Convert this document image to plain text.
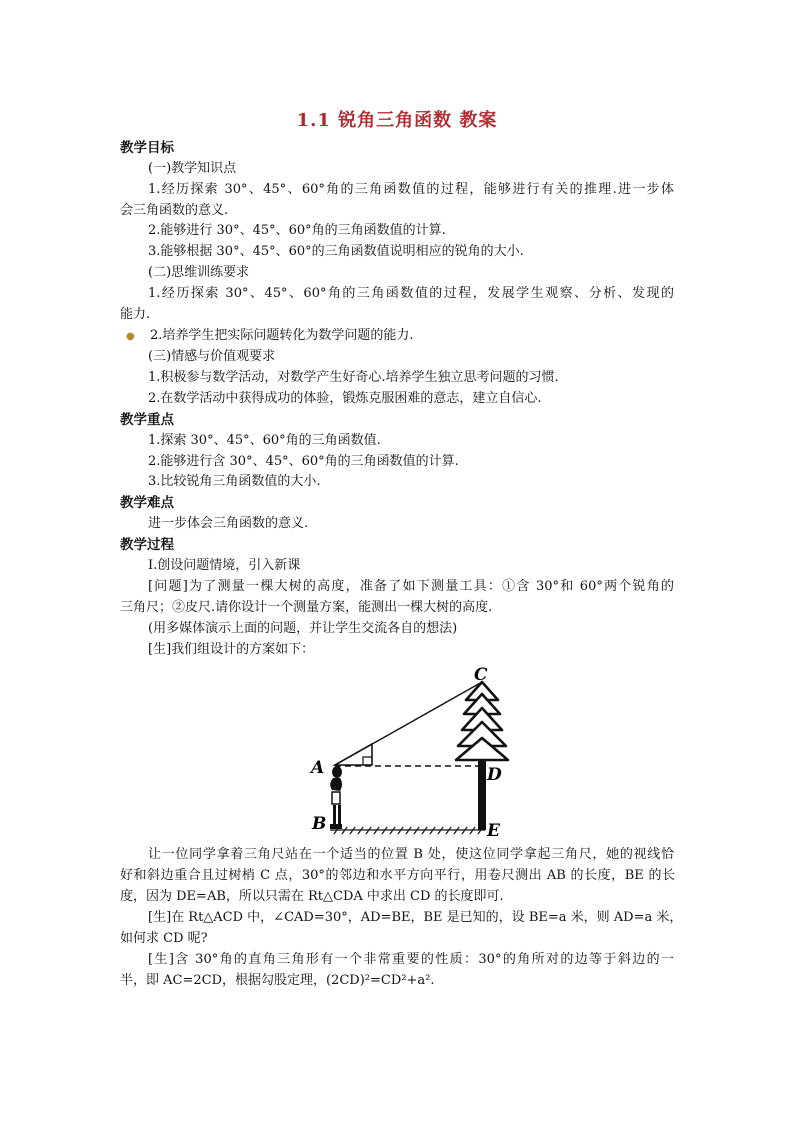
1.1 锐角三角函数 教案
教学目标
(一)教学知识点
1.经历探索 30°、45°、60°角的三角函数值的过程，能够进行有关的推理.进一步体
会三角函数的意义.
2.能够进行 30°、45°、60°角的三角函数值的计算.
3.能够根据 30°、45°、60°的三角函数值说明相应的锐角的大小.
(二)思维训练要求
1.经历探索 30°、45°、60°角的三角函数值的过程，发展学生观察、分析、发现的
能力.
● 2.培养学生把实际问题转化为数学问题的能力.
(三)情感与价值观要求
1.积极参与数学活动，对数学产生好奇心.培养学生独立思考问题的习惯.
2.在数学活动中获得成功的体验，锻炼克服困难的意志，建立自信心.
教学重点
1.探索 30°、45°、60°角的三角函数值.
2.能够进行含 30°、45°、60°角的三角函数值的计算.
3.比较锐角三角函数值的大小.
教学难点
进一步体会三角函数的意义.
教学过程
Ⅰ.创设问题情境，引入新课
[问题]为了测量一棵大树的高度，准备了如下测量工具：①含 30°和 60°两个锐角的
三角尺；②皮尺.请你设计一个测量方案，能测出一棵大树的高度.
(用多媒体演示上面的问题，并让学生交流各自的想法)
[生]我们组设计的方案如下：
C
A	D
B	E
让一位同学拿着三角尺站在一个适当的位置 B 处，使这位同学拿起三角尺，她的视线恰
好和斜边重合且过树梢 C 点，30°的邻边和水平方向平行，用卷尺测出 AB 的长度，BE 的长
度，因为 DE=AB，所以只需在 Rt△CDA 中求出 CD 的长度即可.
[生]在 Rt△ACD 中，∠CAD=30°，AD=BE，BE 是已知的，设 BE=a 米，则 AD=a 米，
如何求 CD 呢?
[生]含 30°角的直角三角形有一个非常重要的性质：30°的角所对的边等于斜边的一
半，即 AC=2CD，根据勾股定理，(2CD)²=CD²+a².
